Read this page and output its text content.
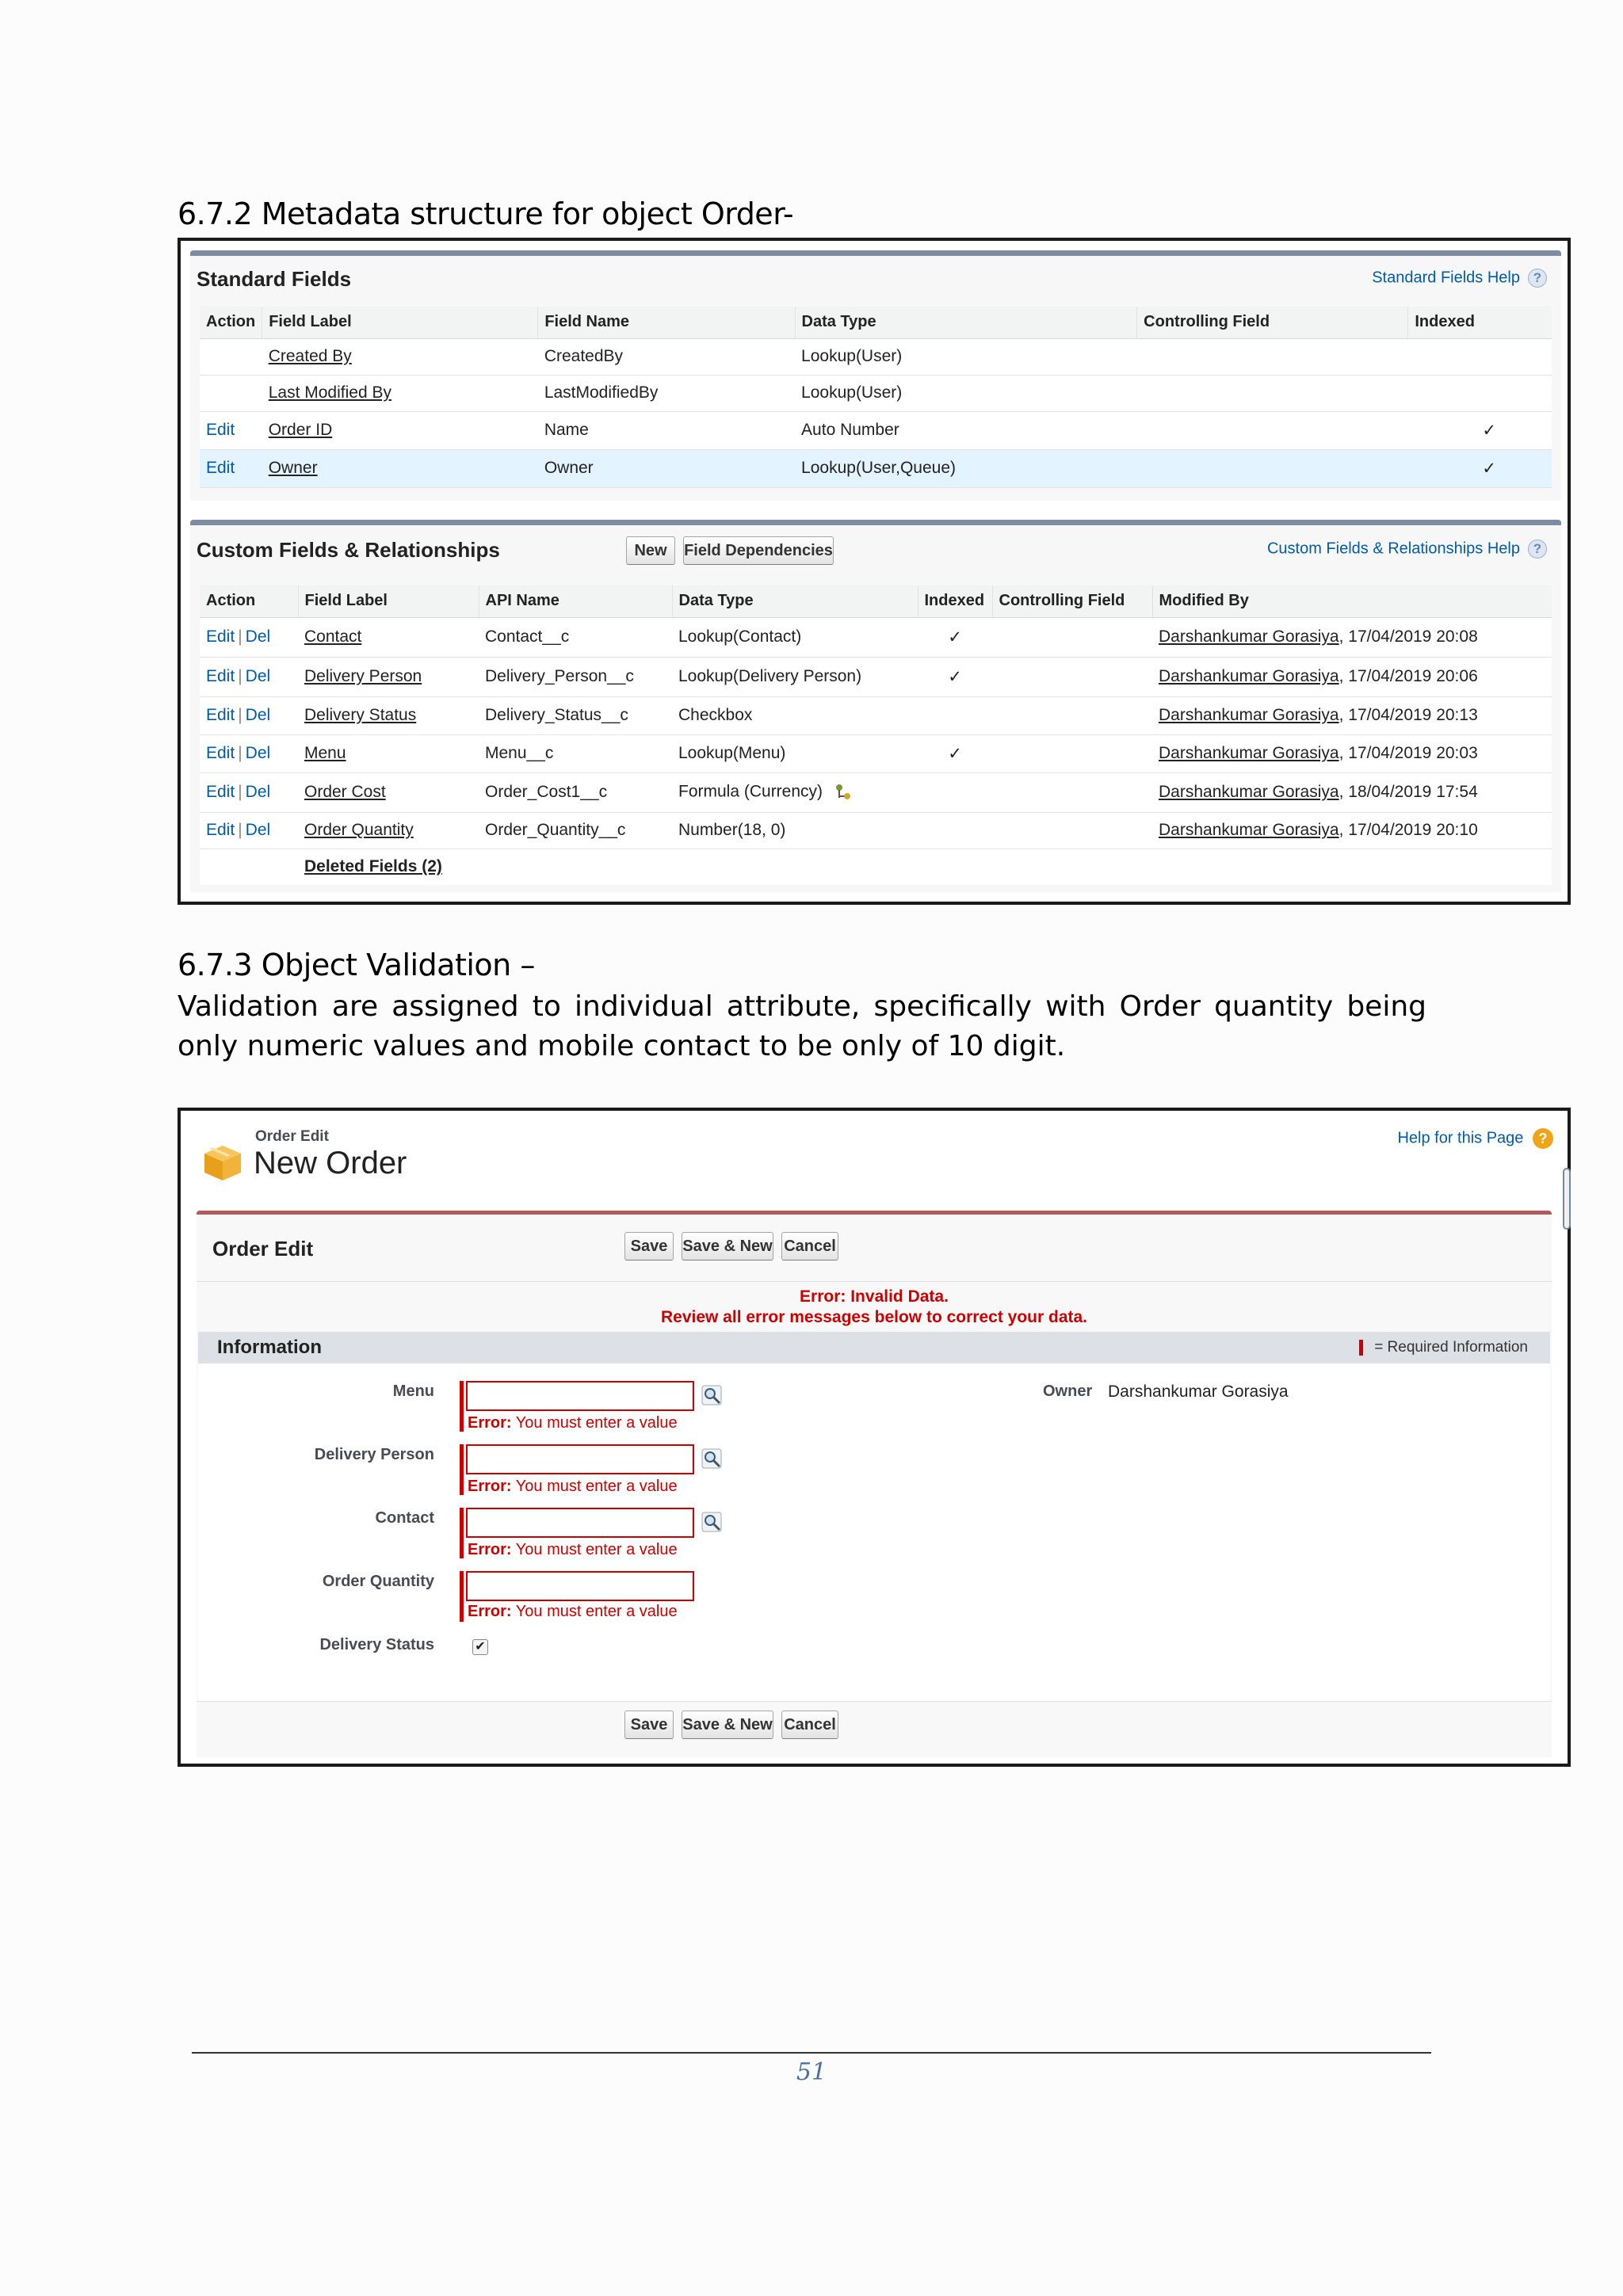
6.7.2 Metadata structure for object Order-
Standard Fields	Standard Fields Help ?
Action	Field Label	Field Name	Data Type	Controlling Field	Indexed
	Created By	CreatedBy	Lookup(User)		
	Last Modified By	LastModifiedBy	Lookup(User)		
Edit	Order ID	Name	Auto Number		✓
Edit	Owner	Owner	Lookup(User,Queue)		✓
Custom Fields & Relationships	New	Field Dependencies	Custom Fields & Relationships Help ?
Action	Field Label	API Name	Data Type	Indexed	Controlling Field	Modified By
Edit | Del	Contact	Contact__c	Lookup(Contact)	✓		Darshankumar Gorasiya, 17/04/2019 20:08
Edit | Del	Delivery Person	Delivery_Person__c	Lookup(Delivery Person)	✓		Darshankumar Gorasiya, 17/04/2019 20:06
Edit | Del	Delivery Status	Delivery_Status__c	Checkbox			Darshankumar Gorasiya, 17/04/2019 20:13
Edit | Del	Menu	Menu__c	Lookup(Menu)	✓		Darshankumar Gorasiya, 17/04/2019 20:03
Edit | Del	Order Cost	Order_Cost1__c	Formula (Currency)			Darshankumar Gorasiya, 18/04/2019 17:54
Edit | Del	Order Quantity	Order_Quantity__c	Number(18, 0)			Darshankumar Gorasiya, 17/04/2019 20:10
	Deleted Fields (2)					
6.7.3 Object Validation –
Validation are assigned to individual attribute, specifically with Order quantity being only numeric values and mobile contact to be only of 10 digit.
Order Edit
New Order
Help for this Page ?
Order Edit	Save Save & New Cancel
Error: Invalid Data.
Review all error messages below to correct your data.
Information	= Required Information
Menu
Error: You must enter a value
Owner Darshankumar Gorasiya
Delivery Person
Error: You must enter a value
Contact
Error: You must enter a value
Order Quantity
Error: You must enter a value
Delivery Status	✔
Save Save & New Cancel
51
